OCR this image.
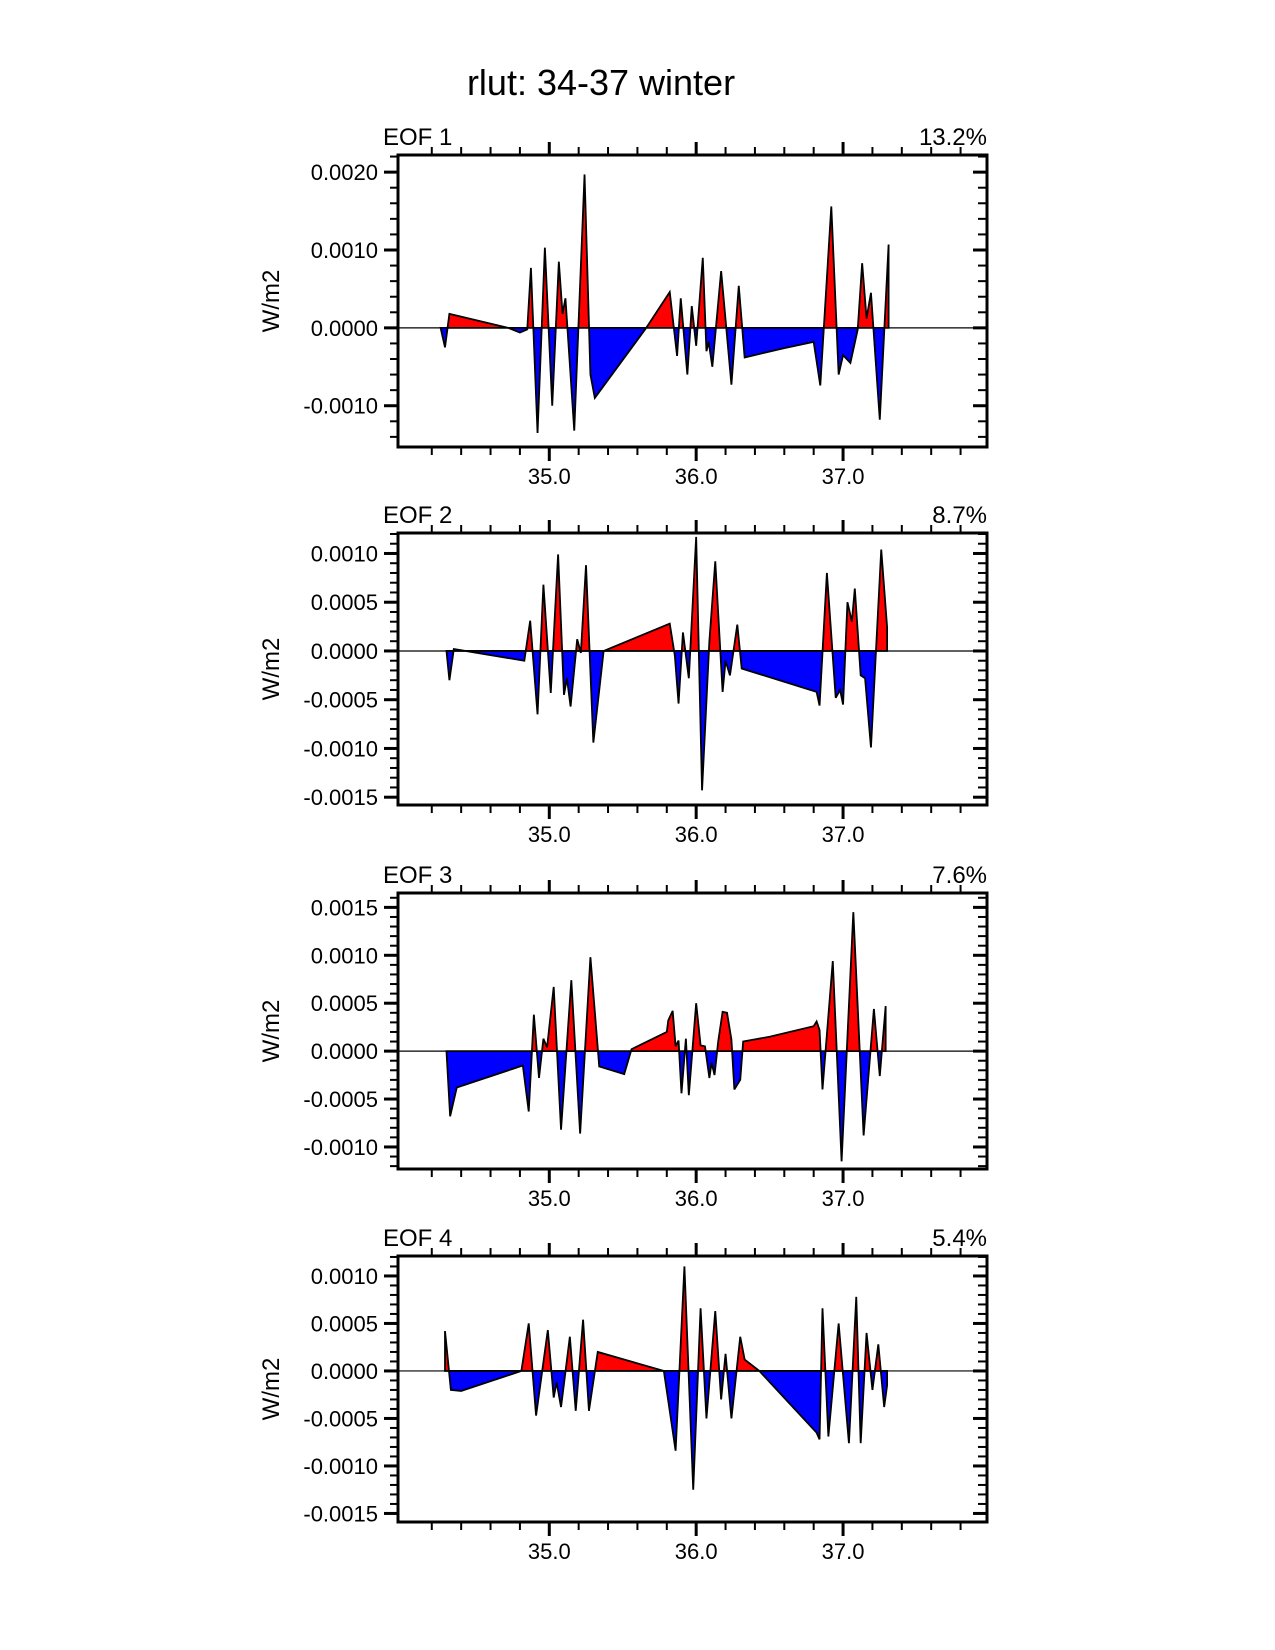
rlut: 34-37 winter
EOF 1	13.2%
EOF 2	8.7%
EOF 3	7.6%
EOF 4	5.4%
W/m2
W/m2
W/m2
W/m2
35.0	36.0	37.0
0.0020
0.0010
0.0000
-0.0010
35.0	36.0	37.0
0.0010
0.0005
0.0000
-0.0005
-0.0010
-0.0015
35.0	36.0	37.0
0.0015
0.0010
0.0005
0.0000
-0.0005
-0.0010
35.0	36.0	37.0
0.0010
0.0005
0.0000
-0.0005
-0.0010
-0.0015
